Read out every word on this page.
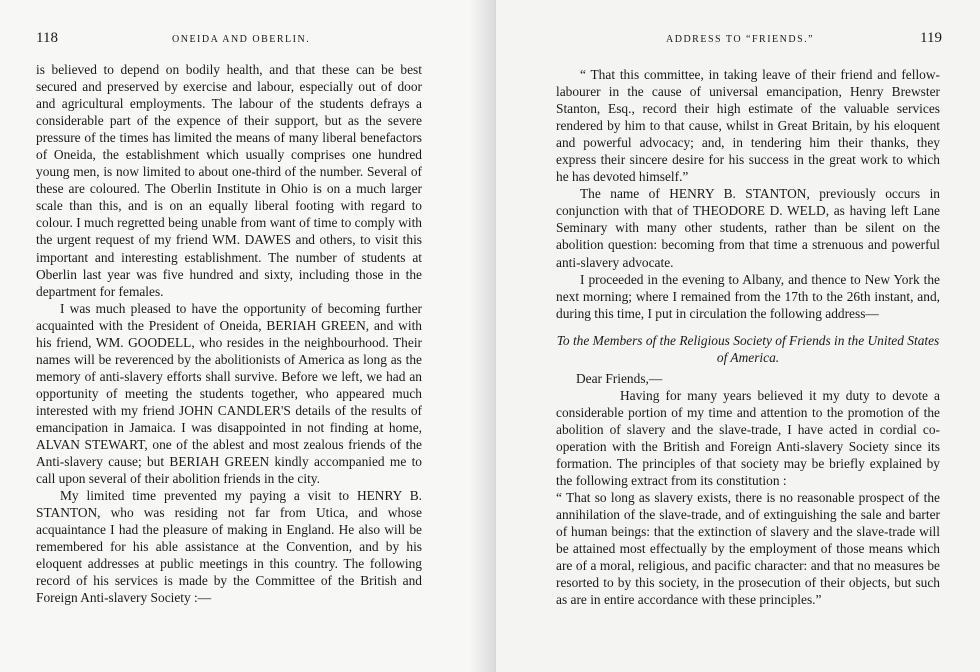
118	ONEIDA AND OBERLIN.

is believed to depend on bodily health, and that these can be best secured and preserved by exercise and labour, especially out of door and agricultural employments. The labour of the students defrays a considerable part of the expence of their support, but as the severe pressure of the times has limited the means of many liberal benefactors of Oneida, the establishment which usually comprises one hundred young men, is now limited to about one-third of the number. Several of these are coloured. The Oberlin Institute in Ohio is on a much larger scale than this, and is on an equally liberal footing with regard to colour. I much regretted being unable from want of time to comply with the urgent request of my friend WM. DAWES and others, to visit this important and interesting establishment. The number of students at Oberlin last year was five hundred and sixty, including those in the department for females.

I was much pleased to have the opportunity of becoming further acquainted with the President of Oneida, BERIAH GREEN, and with his friend, WM. GOODELL, who resides in the neighbourhood. Their names will be reverenced by the abolitionists of America as long as the memory of anti-slavery efforts shall survive. Before we left, we had an opportunity of meeting the students together, who appeared much interested with my friend JOHN CANDLER'S details of the results of emancipation in Jamaica. I was disappointed in not finding at home, ALVAN STEWART, one of the ablest and most zealous friends of the Anti-slavery cause; but BERIAH GREEN kindly accompanied me to call upon several of their abolition friends in the city.

My limited time prevented my paying a visit to HENRY B. STANTON, who was residing not far from Utica, and whose acquaintance I had the pleasure of making in England. He also will be remembered for his able assistance at the Convention, and by his eloquent addresses at public meetings in this country. The following record of his services is made by the Committee of the British and Foreign Anti-slavery Society :—

ADDRESS TO “FRIENDS.”	119

“ That this committee, in taking leave of their friend and fellow-labourer in the cause of universal emancipation, Henry Brewster Stanton, Esq., record their high estimate of the valuable services rendered by him to that cause, whilst in Great Britain, by his eloquent and powerful advocacy; and, in tendering him their thanks, they express their sincere desire for his success in the great work to which he has devoted himself.”

The name of HENRY B. STANTON, previously occurs in conjunction with that of THEODORE D. WELD, as having left Lane Seminary with many other students, rather than be silent on the abolition question: becoming from that time a strenuous and powerful anti-slavery advocate.

I proceeded in the evening to Albany, and thence to New York the next morning; where I remained from the 17th to the 26th instant, and, during this time, I put in circulation the following address—

To the Members of the Religious Society of Friends in the United States of America.

Dear Friends,—

Having for many years believed it my duty to devote a considerable portion of my time and attention to the promotion of the abolition of slavery and the slave-trade, I have acted in cordial co-operation with the British and Foreign Anti-slavery Society since its formation. The principles of that society may be briefly explained by the following extract from its constitution :

“ That so long as slavery exists, there is no reasonable prospect of the annihilation of the slave-trade, and of extinguishing the sale and barter of human beings: that the extinction of slavery and the slave-trade will be attained most effectually by the employment of those means which are of a moral, religious, and pacific character: and that no measures be resorted to by this society, in the prosecution of their objects, but such as are in entire accordance with these principles.”
